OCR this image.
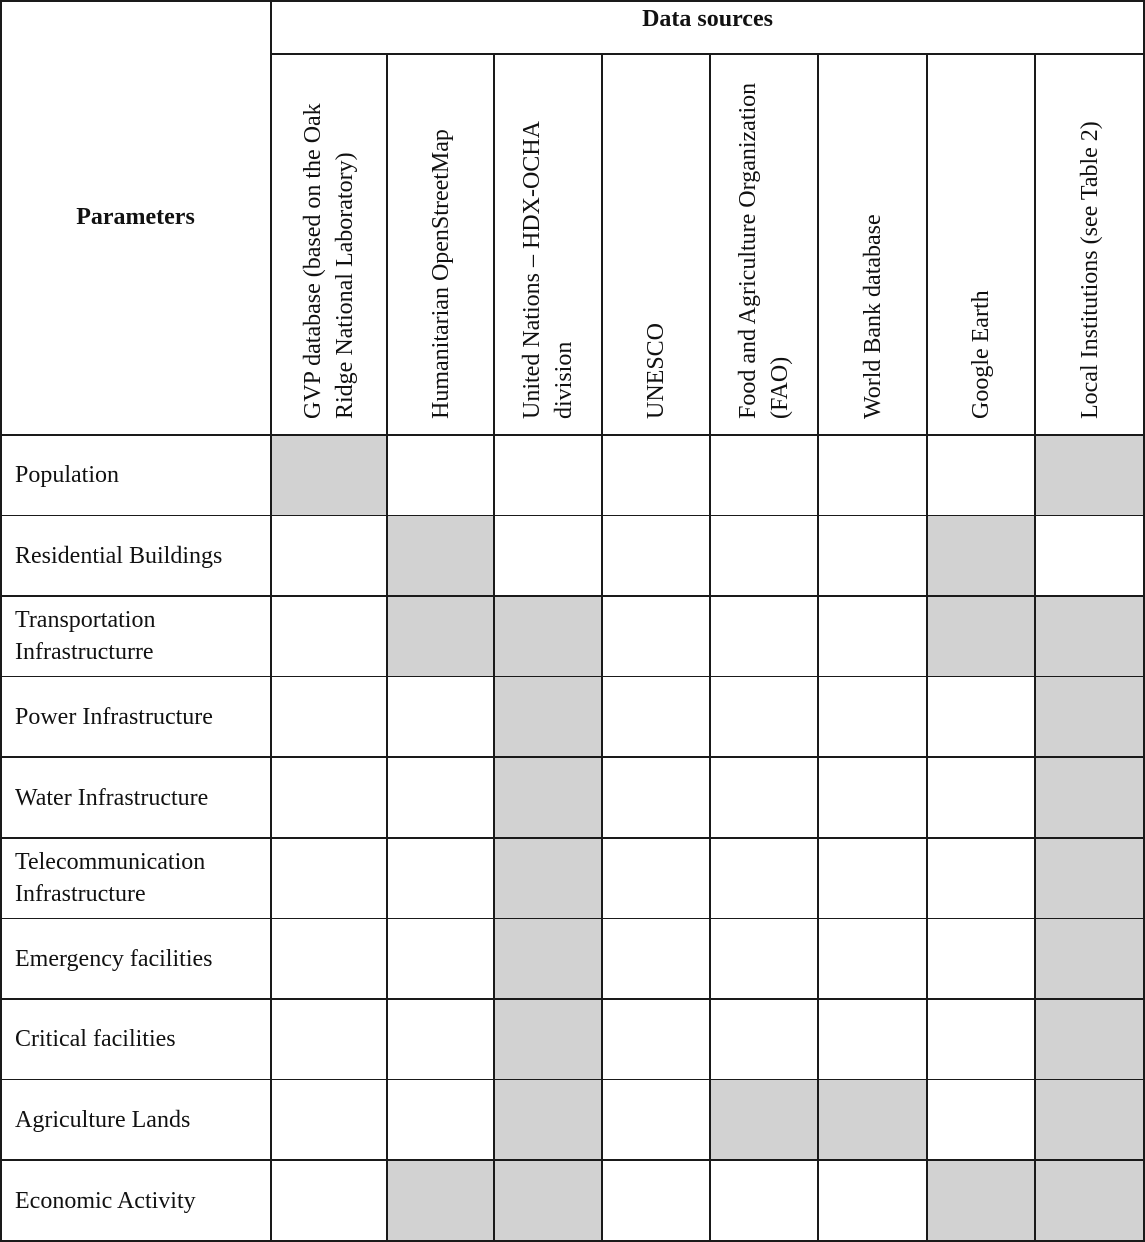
Parameters
Data sources
GVP database (based on the Oak Ridge National Laboratory)	Humanitarian OpenStreetMap	United Nations – HDX-OCHA division	UNESCO	Food and Agriculture Organization (FAO)	World Bank database	Google Earth	Local Institutions (see Table 2)
Population
Residential Buildings
Transportation Infrastructurre
Power Infrastructure
Water Infrastructure
Telecommunication Infrastructure
Emergency facilities
Critical facilities
Agriculture Lands
Economic Activity
